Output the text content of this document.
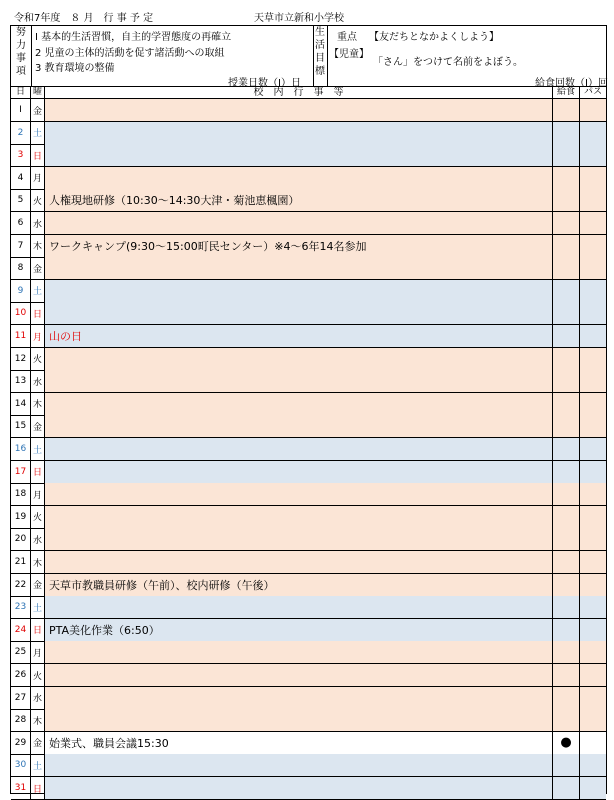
令和7年度　８ 月　行 事 予 定	天草市立新和小学校
努
力
事
項
Ⅰ 基本的生活習慣，自主的学習態度の再確立
2 児童の主体的活動を促す諸活動への取組
3 教育環境の整備
授業日数（Ⅰ）日
生
活
目
標
重点 【友だちとなかよくしよう】
【児童】
「さん」をつけて名前をよぼう。
給食回数（Ⅰ）回
日 曜	校　内　行　事　等	給食 パス
Ⅰ	金
2	土
3	日
4	月
5	火 人権現地研修（10:30～14:30大津・菊池恵楓園）
6	水
7	木 ワークキャンプ(9:30～15:00町民センター）※4～6年14名参加
8	金
9	土
10 日
11 月 山の日
12 火
13 水
14 木
15 金
16 土
17 日
18 月
19 火
20 水
21 木
22 金 天草市教職員研修（午前）、校内研修（午後）
23 土
24 日 PTA美化作業（6:50）
25 月
26 火
27 水
28 木
29 金 始業式、職員会議15:30	●
30 土
31 日
